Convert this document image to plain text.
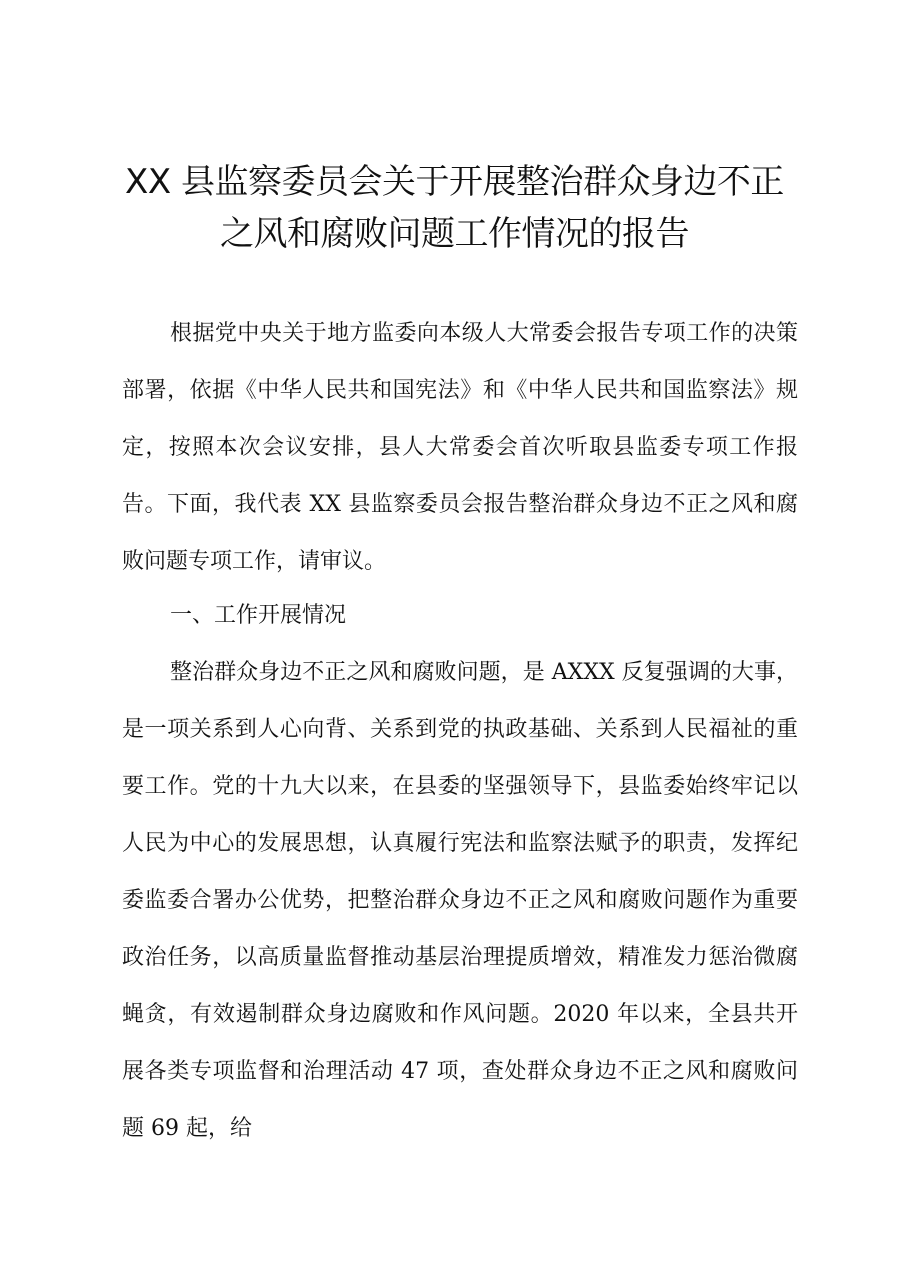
XX 县监察委员会关于开展整治群众身边不正
之风和腐败问题工作情况的报告

根据党中央关于地方监委向本级人大常委会报告专项工作的决策部署，依据《中华人民共和国宪法》和《中华人民共和国监察法》规定，按照本次会议安排，县人大常委会首次听取县监委专项工作报告。下面，我代表 XX 县监察委员会报告整治群众身边不正之风和腐败问题专项工作，请审议。

一、工作开展情况

整治群众身边不正之风和腐败问题，是 AXXX 反复强调的大事，是一项关系到人心向背、关系到党的执政基础、关系到人民福祉的重要工作。党的十九大以来，在县委的坚强领导下，县监委始终牢记以人民为中心的发展思想，认真履行宪法和监察法赋予的职责，发挥纪委监委合署办公优势，把整治群众身边不正之风和腐败问题作为重要政治任务，以高质量监督推动基层治理提质增效，精准发力惩治微腐蝇贪，有效遏制群众身边腐败和作风问题。2020 年以来，全县共开展各类专项监督和治理活动 47 项，查处群众身边不正之风和腐败问题 69 起，给
